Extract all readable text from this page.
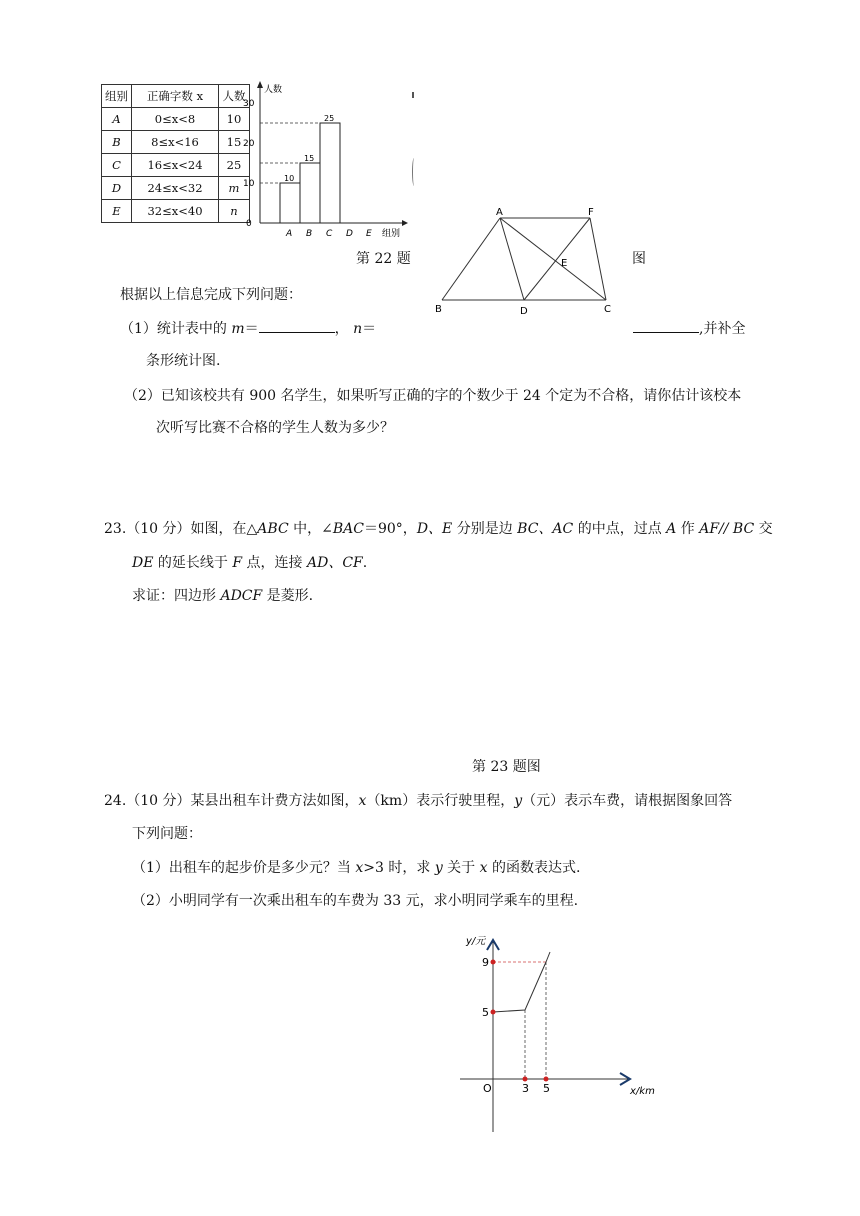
组别	正确字数 x	人数
A	0≤x<8	10
B	8≤x<16	15
C	16≤x<24	25
D	24≤x<32	m
E	32≤x<40	n
人数
组别
0
10
20
30
10
15
25
A B C D E
A	F
E
B	D	C
第 22 题	图
根据以上信息完成下列问题：
（1）统计表中的 m＝	， n＝	,并补全
条形统计图.
（2）已知该校共有 900 名学生，如果听写正确的字的个数少于 24 个定为不合格，请你估计该校本
次听写比赛不合格的学生人数为多少？
23.（10 分）如图，在△ABC 中，∠BAC＝90°，D、E 分别是边 BC、AC 的中点，过点 A 作 AF// BC 交
DE 的延长线于 F 点，连接 AD、CF.
求证：四边形 ADCF 是菱形.
第 23 题图
24.（10 分）某县出租车计费方法如图，x（km）表示行驶里程，y（元）表示车费，请根据图象回答
下列问题：
（1）出租车的起步价是多少元？当 x>3 时，求 y 关于 x 的函数表达式.
（2）小明同学有一次乘出租车的车费为 33 元，求小明同学乘车的里程.
y/元
x/km
O
5
9
3 5
